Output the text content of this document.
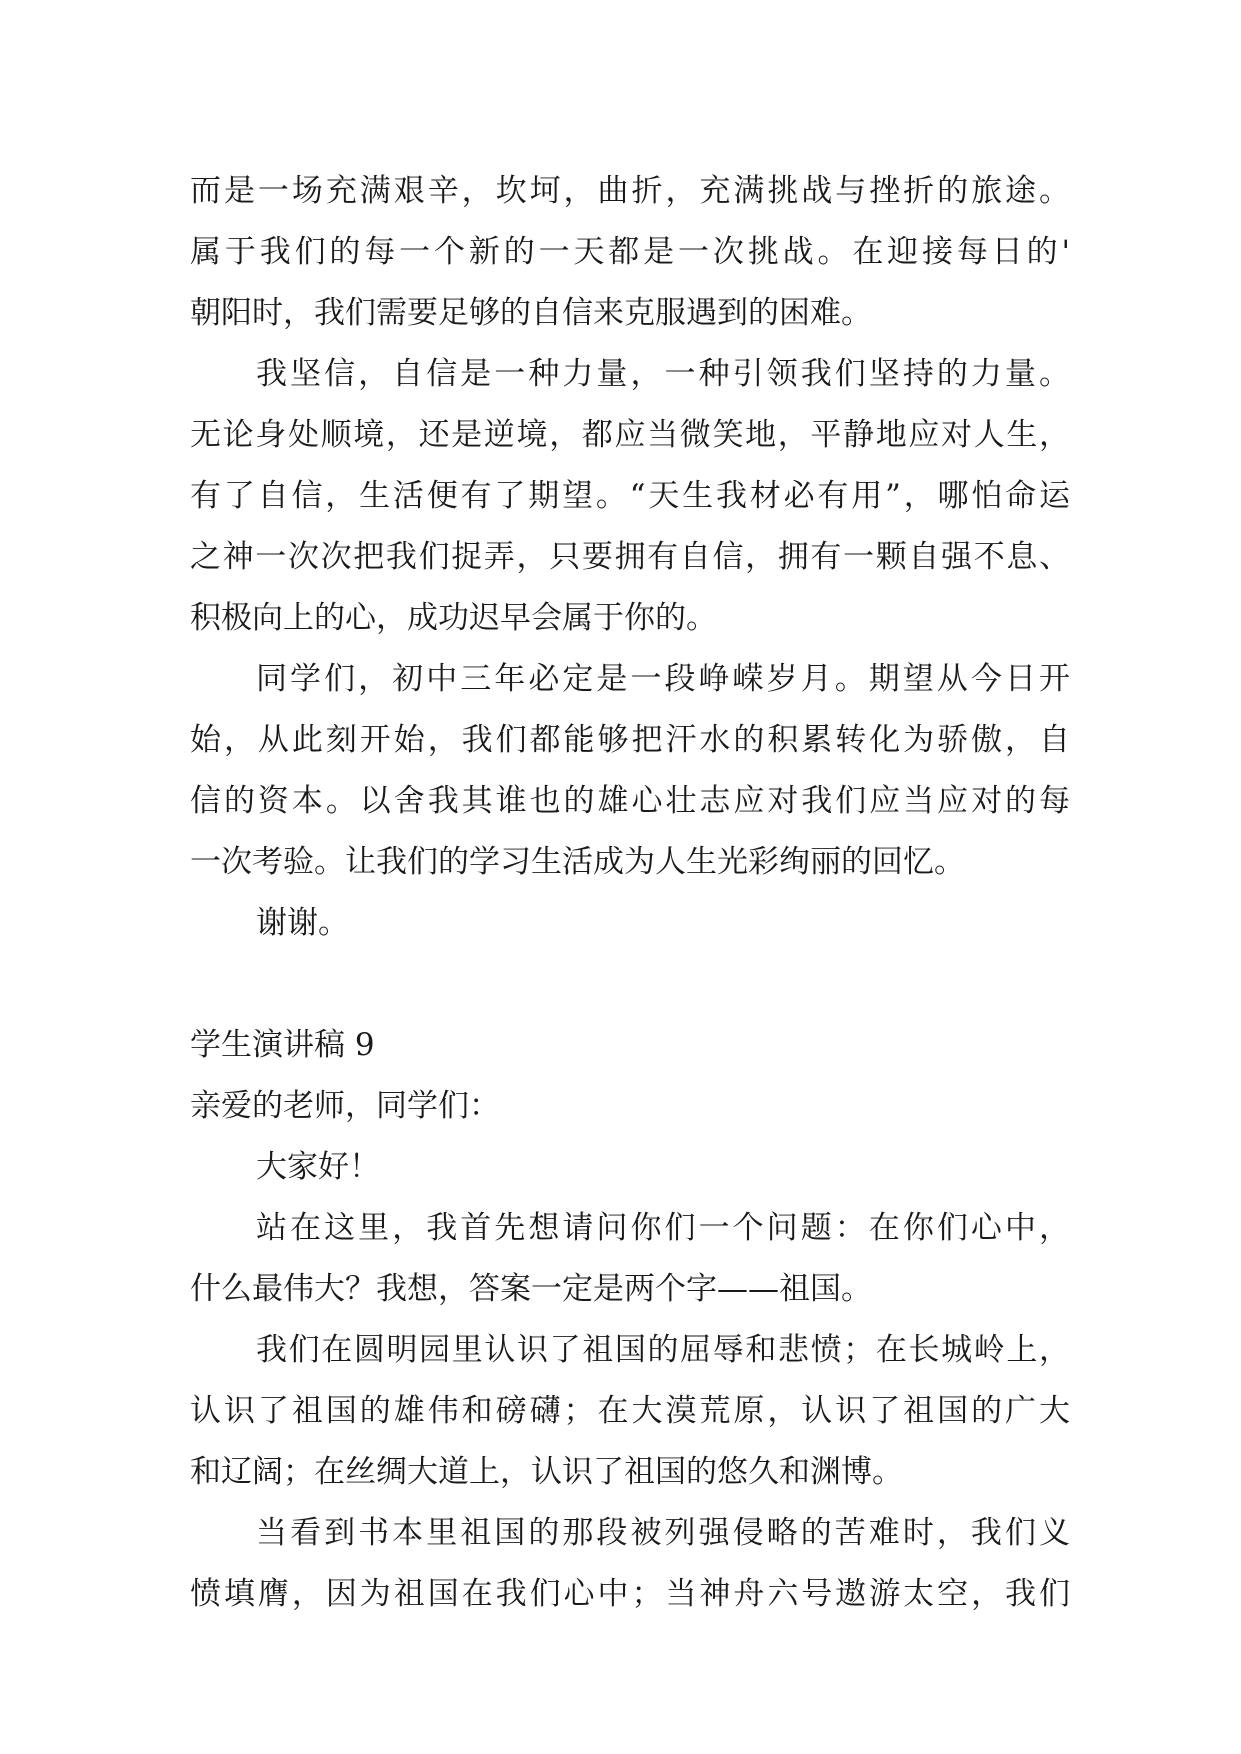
而是一场充满艰辛，坎坷，曲折，充满挑战与挫折的旅途。
属于我们的每一个新的一天都是一次挑战。在迎接每日的'
朝阳时，我们需要足够的自信来克服遇到的困难。
我坚信，自信是一种力量，一种引领我们坚持的力量。
无论身处顺境，还是逆境，都应当微笑地，平静地应对人生，
有了自信，生活便有了期望。“天生我材必有用”，哪怕命运
之神一次次把我们捉弄，只要拥有自信，拥有一颗自强不息、
积极向上的心，成功迟早会属于你的。
同学们，初中三年必定是一段峥嵘岁月。期望从今日开
始，从此刻开始，我们都能够把汗水的积累转化为骄傲，自
信的资本。以舍我其谁也的雄心壮志应对我们应当应对的每
一次考验。让我们的学习生活成为人生光彩绚丽的回忆。
谢谢。
学生演讲稿 9
亲爱的老师，同学们：
大家好！
站在这里，我首先想请问你们一个问题：在你们心中，
什么最伟大？我想，答案一定是两个字——祖国。
我们在圆明园里认识了祖国的屈辱和悲愤；在长城岭上，
认识了祖国的雄伟和磅礴；在大漠荒原，认识了祖国的广大
和辽阔；在丝绸大道上，认识了祖国的悠久和渊博。
当看到书本里祖国的那段被列强侵略的苦难时，我们义
愤填膺，因为祖国在我们心中；当神舟六号遨游太空，我们
